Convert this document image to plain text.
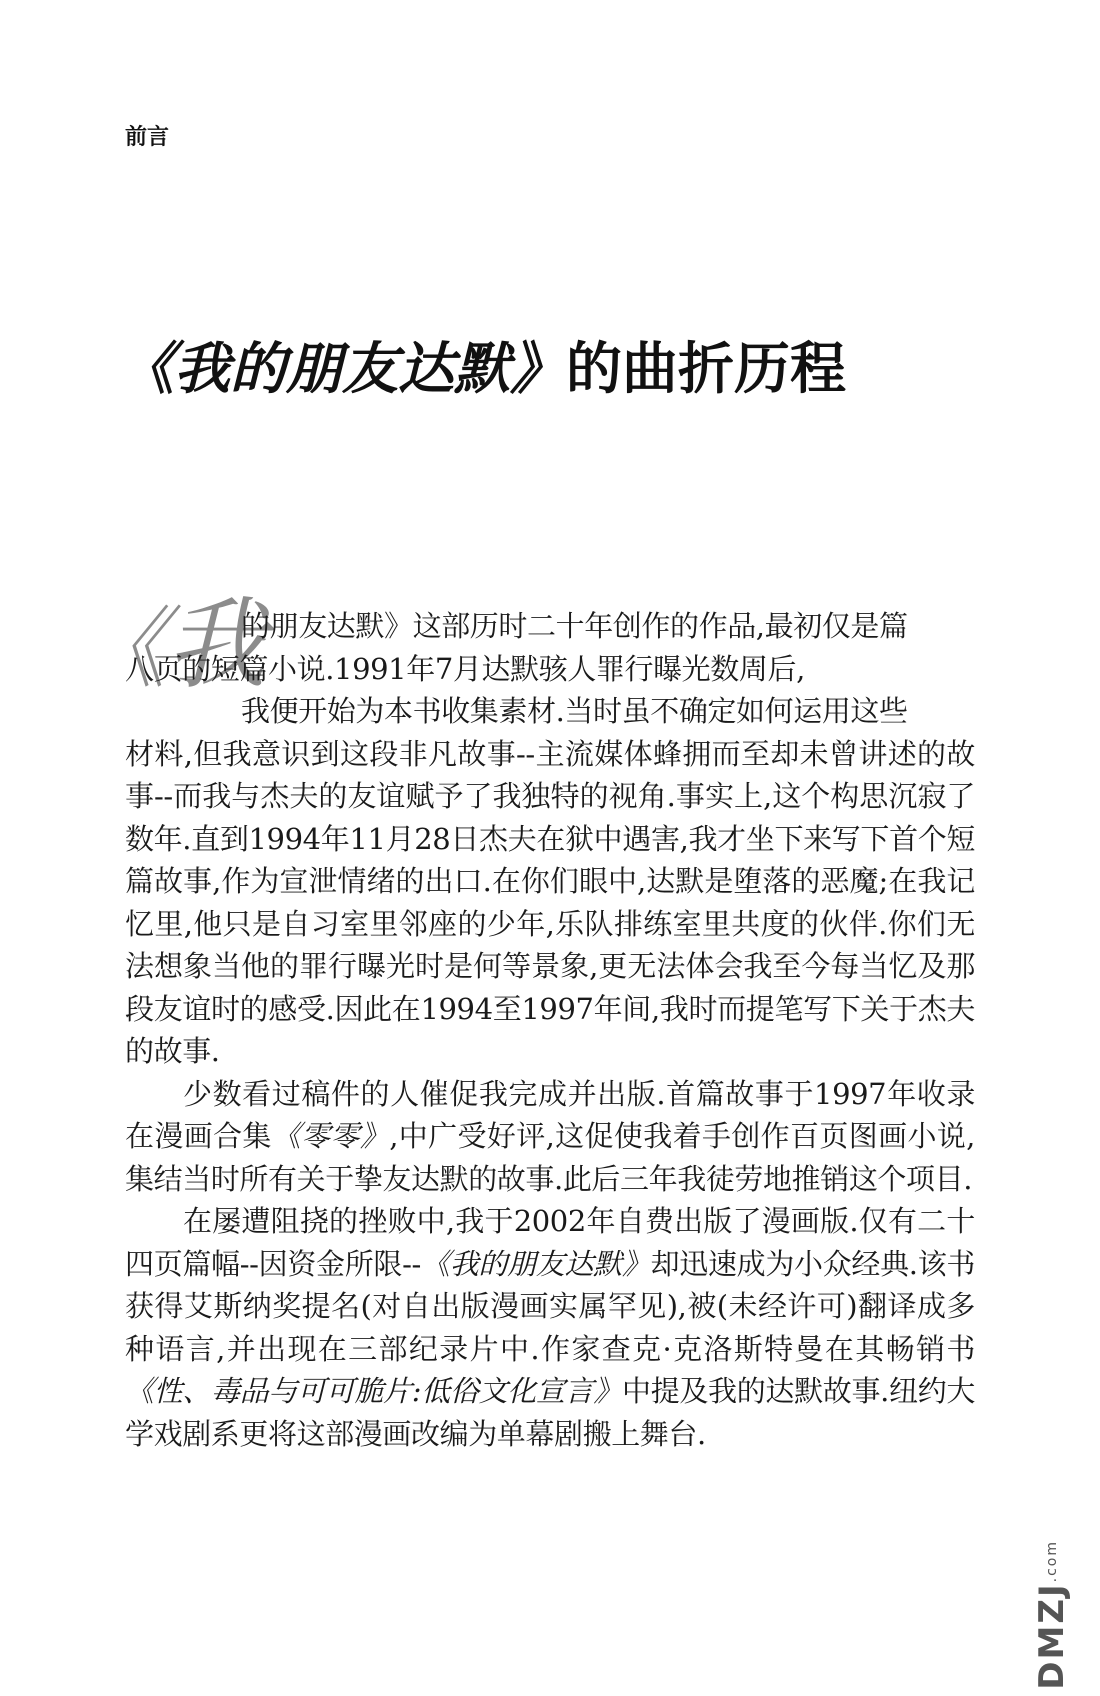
前言
《我的朋友达默》的曲折历程
《我

的朋友达默》这部历时二十年创作的作品,最初仅是篇
八页的短篇小说.1991年7月达默骇人罪行曝光数周后,
我便开始为本书收集素材.当时虽不确定如何运用这些
材料,但我意识到这段非凡故事--主流媒体蜂拥而至却未曾讲述的故事--而我与杰夫的友谊赋予了我独特的视角.事实上,这个构思沉寂了数年.直到1994年11月28日杰夫在狱中遇害,我才坐下来写下首个短篇故事,作为宣泄情绪的出口.在你们眼中,达默是堕落的恶魔;在我记忆里,他只是自习室里邻座的少年,乐队排练室里共度的伙伴.你们无法想象当他的罪行曝光时是何等景象,更无法体会我至今每当忆及那段友谊时的感受.因此在1994至1997年间,我时而提笔写下关于杰夫的故事.

少数看过稿件的人催促我完成并出版.首篇故事于1997年收录在漫画合集《零零》,中广受好评,这促使我着手创作百页图画小说,集结当时所有关于挚友达默的故事.此后三年我徒劳地推销这个项目.

在屡遭阻挠的挫败中,我于2002年自费出版了漫画版.仅有二十四页篇幅--因资金所限--《我的朋友达默》却迅速成为小众经典.该书获得艾斯纳奖提名(对自出版漫画实属罕见),被(未经许可)翻译成多种语言,并出现在三部纪录片中.作家查克·克洛斯特曼在其畅销书《性、毒品与可可脆片:低俗文化宣言》中提及我的达默故事.纽约大学戏剧系更将这部漫画改编为单幕剧搬上舞台.

DMZJ.com
